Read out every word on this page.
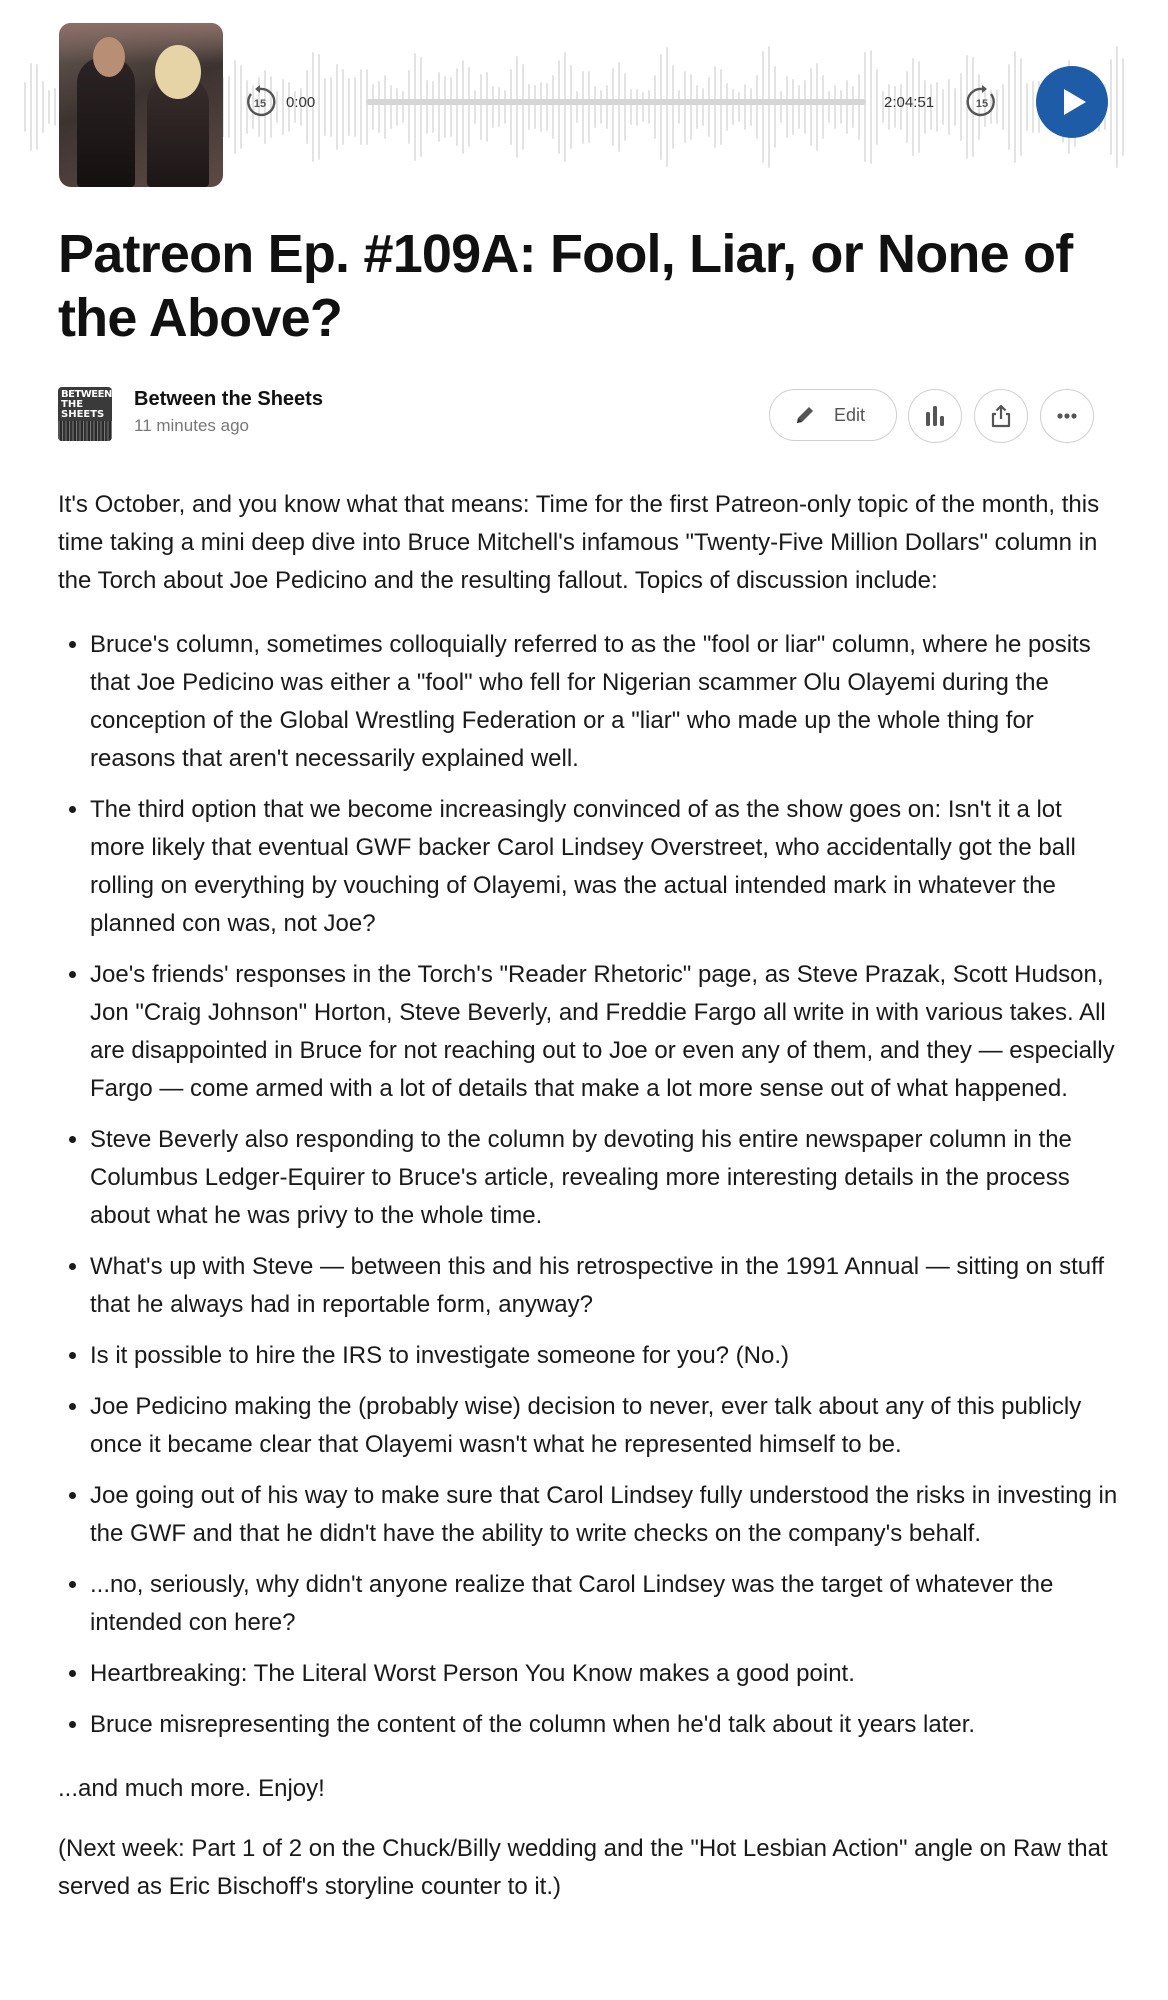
15 0:00	2:04:51	15
Patreon Ep. #109A: Fool, Liar, or None of the Above?
BETWEEN
THE
SHEETS
Between the Sheets
11 minutes ago
Edit

It's October, and you know what that means: Time for the first Patreon-only topic of the month, this time taking a mini deep dive into Bruce Mitchell's infamous "Twenty-Five Million Dollars" column in the Torch about Joe Pedicino and the resulting fallout. Topics of discussion include:

• Bruce's column, sometimes colloquially referred to as the "fool or liar" column, where he posits that Joe Pedicino was either a "fool" who fell for Nigerian scammer Olu Olayemi during the conception of the Global Wrestling Federation or a "liar" who made up the whole thing for reasons that aren't necessarily explained well.
• The third option that we become increasingly convinced of as the show goes on: Isn't it a lot more likely that eventual GWF backer Carol Lindsey Overstreet, who accidentally got the ball rolling on everything by vouching of Olayemi, was the actual intended mark in whatever the planned con was, not Joe?
• Joe's friends' responses in the Torch's "Reader Rhetoric" page, as Steve Prazak, Scott Hudson, Jon "Craig Johnson" Horton, Steve Beverly, and Freddie Fargo all write in with various takes. All are disappointed in Bruce for not reaching out to Joe or even any of them, and they — especially Fargo — come armed with a lot of details that make a lot more sense out of what happened.
• Steve Beverly also responding to the column by devoting his entire newspaper column in the Columbus Ledger-Equirer to Bruce's article, revealing more interesting details in the process about what he was privy to the whole time.
• What's up with Steve — between this and his retrospective in the 1991 Annual — sitting on stuff that he always had in reportable form, anyway?
• Is it possible to hire the IRS to investigate someone for you? (No.)
• Joe Pedicino making the (probably wise) decision to never, ever talk about any of this publicly once it became clear that Olayemi wasn't what he represented himself to be.
• Joe going out of his way to make sure that Carol Lindsey fully understood the risks in investing in the GWF and that he didn't have the ability to write checks on the company's behalf.
• ...no, seriously, why didn't anyone realize that Carol Lindsey was the target of whatever the intended con here?
• Heartbreaking: The Literal Worst Person You Know makes a good point.
• Bruce misrepresenting the content of the column when he'd talk about it years later.

...and much more. Enjoy!

(Next week: Part 1 of 2 on the Chuck/Billy wedding and the "Hot Lesbian Action" angle on Raw that served as Eric Bischoff's storyline counter to it.)
